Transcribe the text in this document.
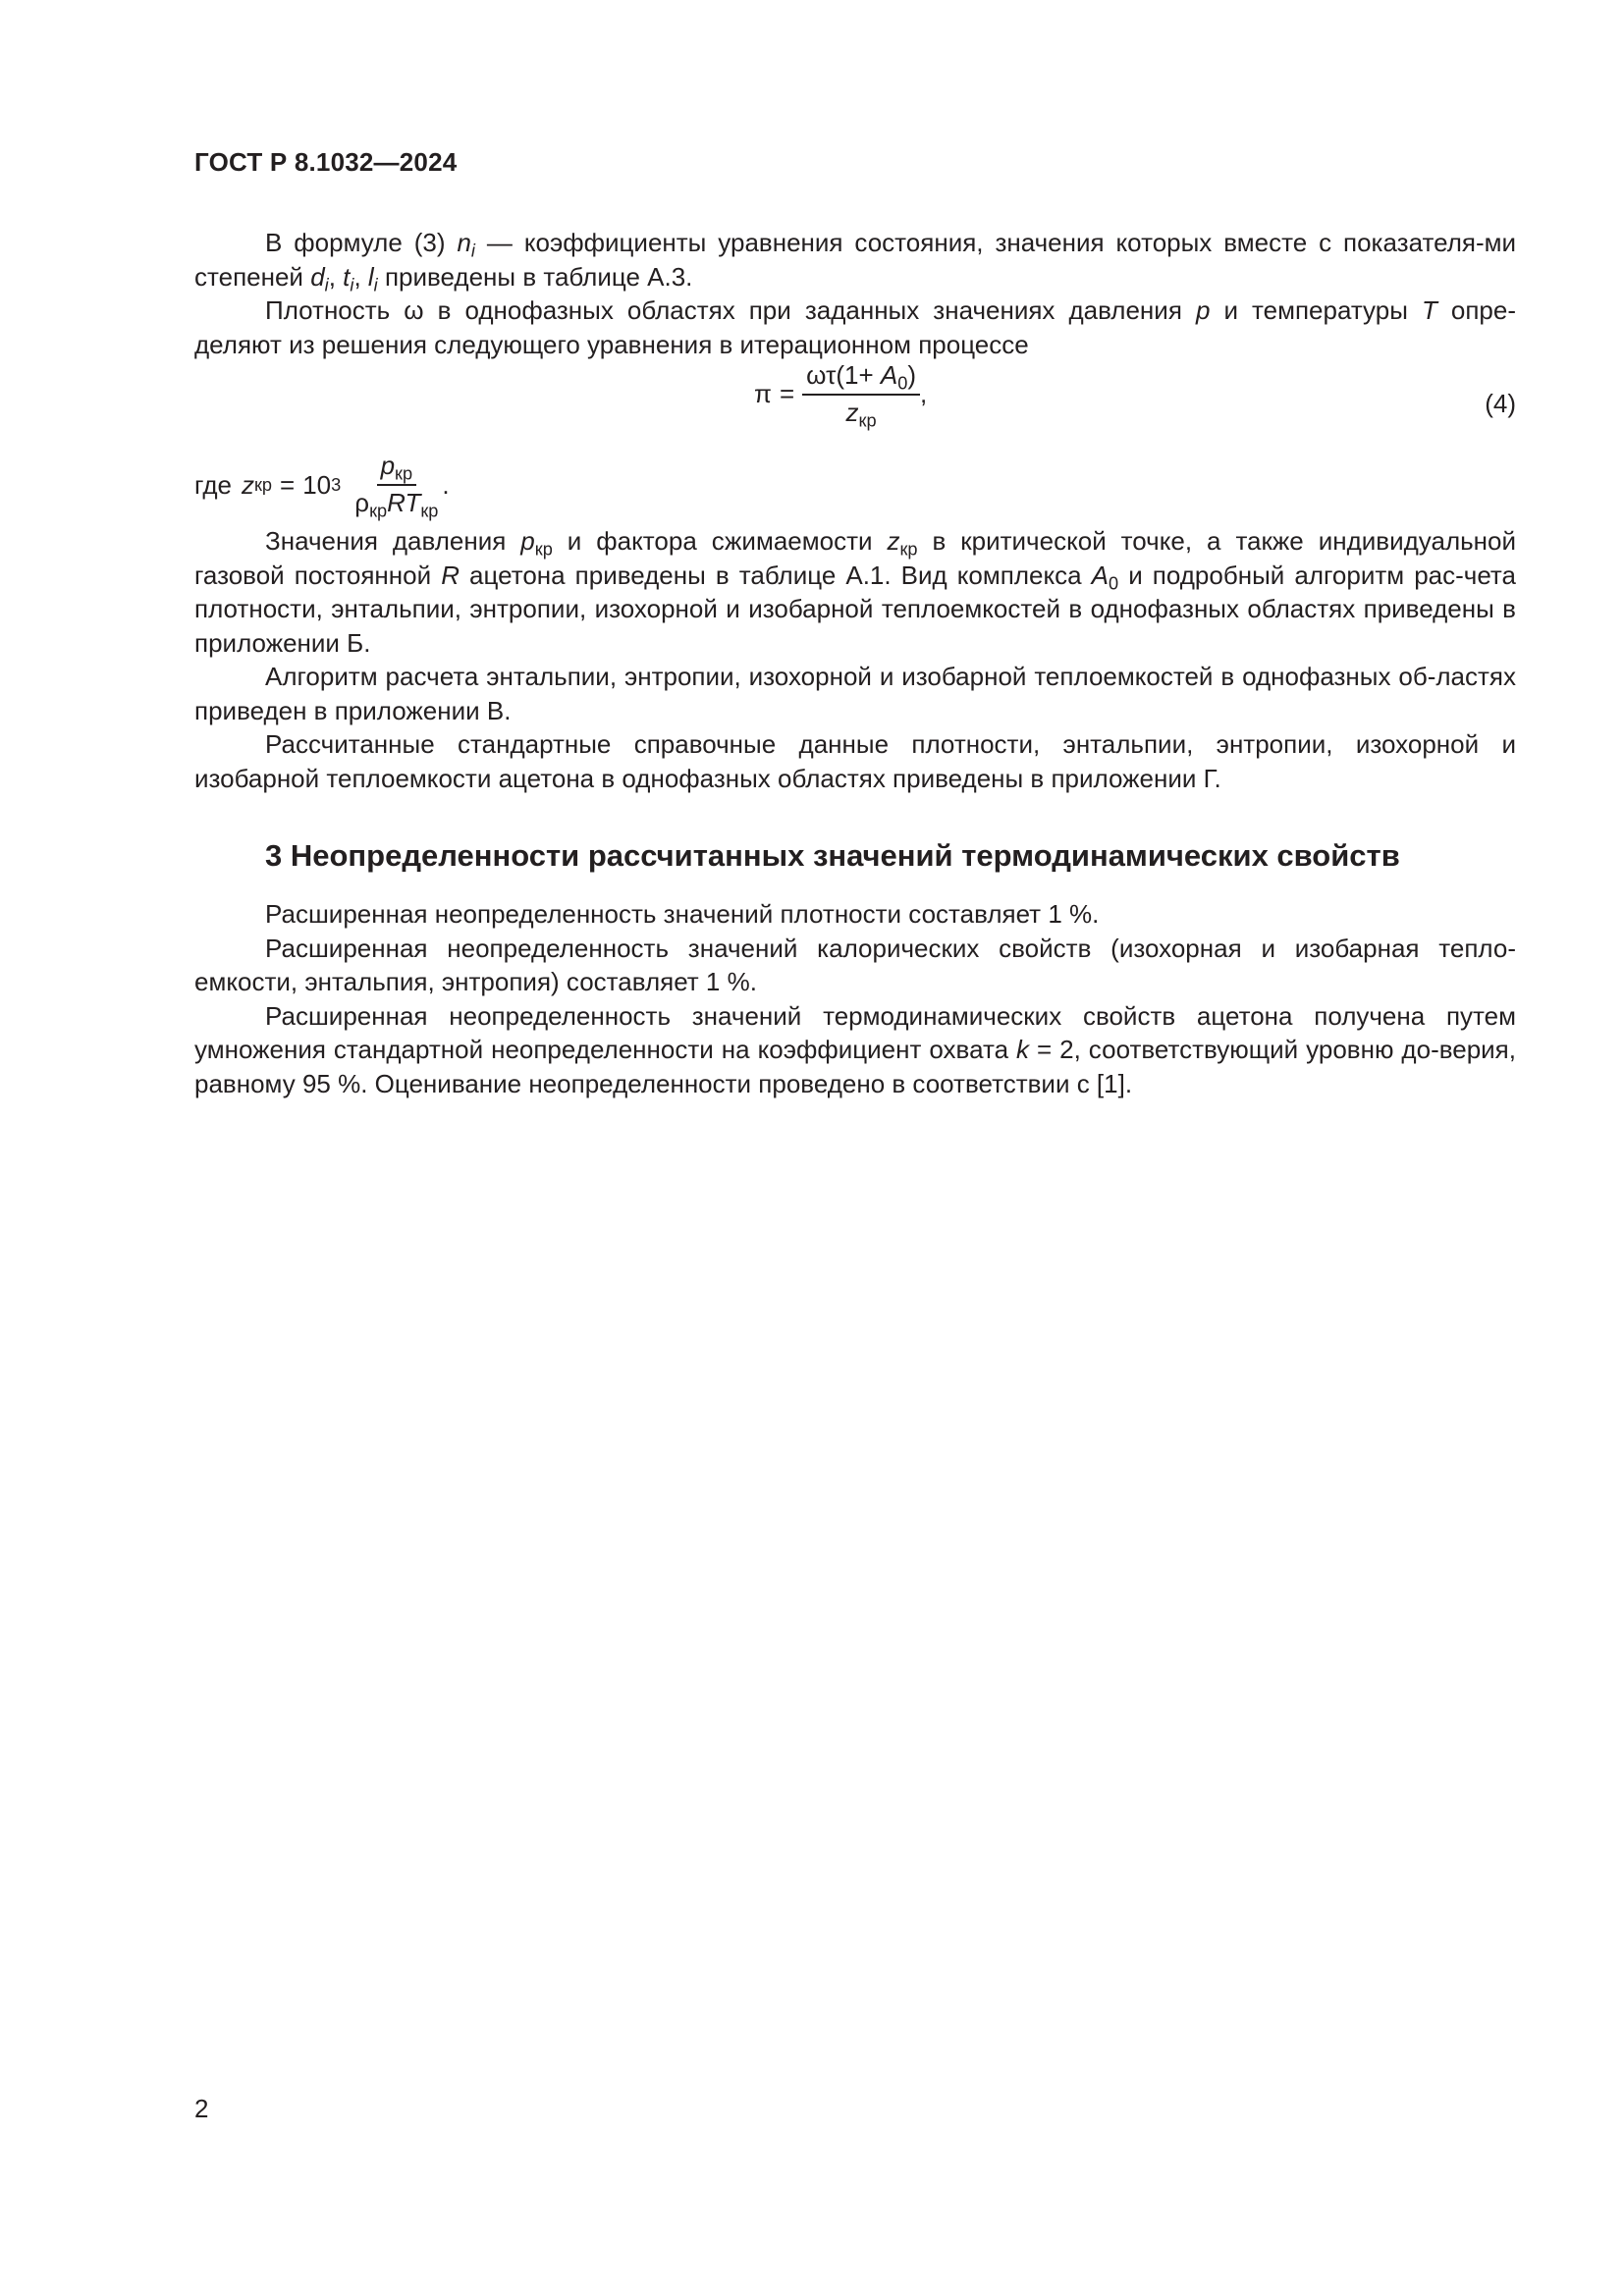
ГОСТ Р 8.1032—2024

В формуле (3) $n_i$ — коэффициенты уравнения состояния, значения которых вместе с показателя-ми степеней $d_i$, $t_i$, $l_i$ приведены в таблице А.3.

Плотность ω в однофазных областях при заданных значениях давления p и температуры T опре-деляют из решения следующего уравнения в итерационном процессе

$\pi = \frac{\omega\tau(1+ A_0)}{z_{кр}}$ ,	(4)
где z кр = 10 $3 \frac{p_{кр}}{\rho_{кр}RT_{кр}}$ .

Значения давления $p_{кр}$ и фактора сжимаемости $z_{кр}$ в критической точке, а также индивидуальной газовой постоянной R ацетона приведены в таблице А.1. Вид комплекса $A_0$ и подробный алгоритм рас-чета плотности, энтальпии, энтропии, изохорной и изобарной теплоемкостей в однофазных областях приведены в приложении Б.

Алгоритм расчета энтальпии, энтропии, изохорной и изобарной теплоемкостей в однофазных об-ластях приведен в приложении В.

Рассчитанные стандартные справочные данные плотности, энтальпии, энтропии, изохорной и изобарной теплоемкости ацетона в однофазных областях приведены в приложении Г.

3 Неопределенности рассчитанных значений термодинамических свойств

Расширенная неопределенность значений плотности составляет 1 %.

Расширенная неопределенность значений калорических свойств (изохорная и изобарная тепло-емкости, энтальпия, энтропия) составляет 1 %.

Расширенная неопределенность значений термодинамических свойств ацетона получена путем умножения стандартной неопределенности на коэффициент охвата k = 2, соответствующий уровню до-верия, равному 95 %. Оценивание неопределенности проведено в соответствии с [1].

2
